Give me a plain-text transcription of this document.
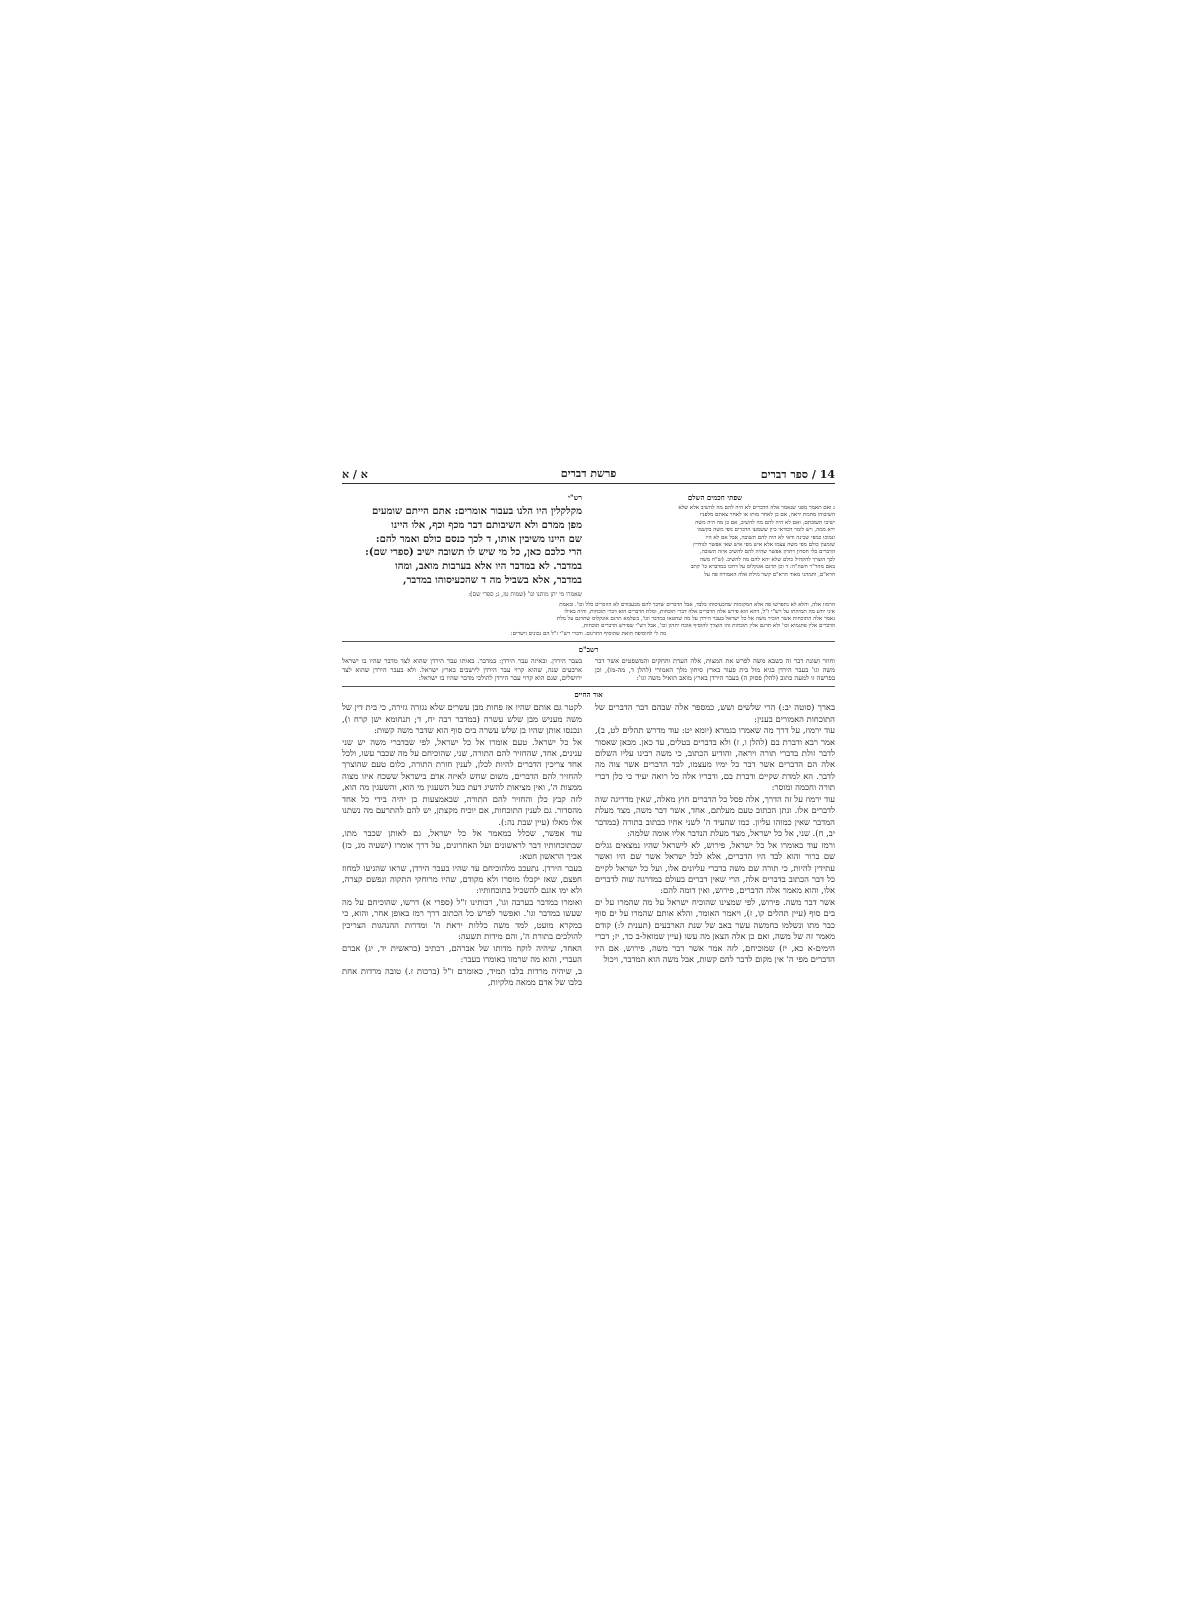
14 / ספר דברים
פרשת דברים
א / א
שפתי חכמים השלם

ג ואם תאמר מפני שנאמר אלה הדברים לא היה להם מה להשיב אלא שלא

השיבוהו מחמת יראה, אם כן לאחר מותו או לאחר צאתם מלפניו

ישיבו תשובתם, ואם לא היה להם מה להשיב, אם כן מה היה משה

ירא ממה, ויש לומר דבודאי כיון ששמעו הדברים מפי משה בקשמו

ונמוכו כמפי שכינה ודאי לא היה להם תשובה, אבל אם לא היו

שומעין כולם מפי משה עצמו אלא איש מפי איש שאי אפשר לגודרין

הדברים בלי חסרון ויתרון אפשר שהיה להם להשיב איזה תשובה,

לכך הוצרך להקהיל כולם שלא יהא להם מה להשיב. (ש"ח משה

באם מהר"ר חשה"ה: ד וכן תרגם אונקלוס על דחכו במדברא כו' קתב

הרא"ם, ותמהני מאוד הרא"ם קשר מילת אלה האמורה פה על

רש"י

מקלקלין היו הלנו בעבור אומרים: אתם הייתם שומעים

מפן ממרם ולא השיבותם דבר מכף וכף, אלו היינו

שם היינו משיבין אותו, ד לכך כנסם כולם ואמר להם:

הרי כלכם כאן, כל מי שיש לו תשובה ישיב (ספרי שם):

במדבר. לא במדבר היו אלא בערבות מואב, ומהו

במדבר, אלא בשביל מה ד שהכעיסוהו במדבר,

שאמרו מי יתן מותנו וגו' (שמות טז, ג; ספרי שם):

הרמזו אלה, והלא לא נתפרשו פה אלא המקומות שהכעיסוהו בלבד, אבל הדברים שדבר להם מבעבודם לא הוזכרים כלל וכו'. ובאמת

איני יודע מה תמיהתו על רש"י ז"ל, דהא הוא פירש אלה הדברים אלה דברי תוכחות, ומלת הדברים הוא דברי תוכחות, והיה באילו

נאמר אלה התוכחות אשר הזכיר משה אל כל ישראל בעבר הירדן על מה שחטאו במדבר וכו', בשלמא תרגם אונקלוס שתרגם על מלת

הדברים אלין פתגמיא וכו' ולא תרגם אלין תוכחות זהו הוצרך להוסיף אוכח יתהון וכו', אבל רש"י שפירש הדברים תוכחות,

מה לי להוסיפה הואת שהוסיף התרגום. ודברי רש"י ז"ל הם נכונים וישרים:

רשב"ם

וחוזר ושונה דבר זה כשבא משה לפרש את המצות, אלה העדת והחקים והמשפטים אשר דבר משה וגו' בעבר הירדן בגיא מול בית פעור בארץ סיחון מלך האמורי (להלן ד, מה-מו), וכן בפרשה זו למעה כתוב (להלן פסוק ה) בעבר הירדן בארץ מואב הואיל משה וגו':

בעבר הירדן. ובאיזה עבר הירדן: במדבר. באותו עבר הירדן שהוא לצד מדבר שהיו בו ישראל ארבעים שנה, שהוא קרוי עבר הירדן ליושבים בארץ ישראל. ולא בעבר הירדן שהוא לצד ירושלים, שגם הוא קרוי עבר הירדן להולכי מדבר שהיו בו ישראל:

אור החיים

בארך (סוטה יב:) הרי שלשים ושש, כמספר אלה שבהם דבר הדברים של התוכחות האמורים בענין:

עוד ירמוז, על דרך מה שאמרו בגמרא (יומא יט: עוד מדרש תהלים לט, ב), אמר רבא ודברת בם (להלן ו, ז) ולא בדברים בטלים, עד כאן. מכאן שאסור לדבר זולת בדברי תורה ויראה, והודיע הכתוב, כי משה רבינו עליו השלום אלה הם הדברים אשר דבר כל ימיו מעצמו, לבד הדברים אשר צוה מה לדבר. הא למדת שקיים ודברת בם, ודבריו אלה כל רואה יעיד כי כלן דברי תורה וחכמה ומוסר:

עוד ירמוז על זה הדרך, אלה פסל כל הדברים חוץ מאלה, שאין מדריגה שוה לדברים אלו. ונתן הכתוב טעם מעלתם, אחד, אשר דבר משה, מצד מעלת המדבר שאין כמוהו עליון. כמו שהעיד ה' לשני אחיו כבתוב בתורה (במדבר יב, ח). שני, אל כל ישראל, מצד מעלת הנדבר אליו אומה שלמה:

ורמז עוד באומרו אל כל ישראל, פירוש, לא לישראל שהיו נמצאים גגלים שם ברור והוא לבד היו הדברים, אלא לכל ישראל אשר שם היו ואשר עתידין להיות, כי תורה שם משה בדברי עליונים אלו, ועל כל ישראל לקיים כל דבר הכתוב בדברים אלה, הרי שאין דברים בעולם במדרגה שוה לדברים אלו, והוא מאמר אלה הדברים, פירוש, ואין דומה להם:

אשר דבר משה. פירוש, לפי שמצינו שהוכיח ישראל על מה שהמרו על ים בים סוף (עיין תהלים קו, ז), ויאמר האומר, והלא אותם שהמרו על ים סוף כבר מתו ונשלמו בחמשה עשר באב של שנת הארבעים (תענית ל:) קודם מאמר זה של משה, ואם כן אלה הצאן מה עשו (עיין שמואל-ב כד, יז; דברי הימים-א כא, יז) שמוכיחם, לזה אמר אשר דבר משה, פירוש, אם היו הדברים מפי ה' אין מקום לדבר להם קשות, אבל משה הוא המדבר, ויכול

לקטר גם אותם שהיו אז פחות מבן עשרים שלא נגזרה גזירה, כי בית דין של משה מעניש מבן שלש עשרה (במדבר רבה יח, ד; תנחומא ישן קרח ו), ונכנסו אותן שהיו בן שלש עשרה בים סוף הוא שדבר משה קשות:

אל כל ישראל. טעם אומרו אל כל ישראל, לפי שבדברי משה יש שני ענינים, אחד, שהחזיר להם התורה, שני, שהוכיחם על מה שכבר עשו, ולכל אחד צריכין הדברים להיות לכלן, לענין חזרת התורה, כלום טעם שהוצרך להחזיר להם הדברים, משום שחש לאיזה אדם בישראל ששכח איזו מצוה ממצות ה', ואין מציאות להשיג דעת בעל השעגין מי הוא, והשעגין מה הוא, לזה קבץ כלן והחזיר להם התורה, שבאמצעות כן יהיה בידי כל אחד מהסדור. גם לענין התוכחות, אם יוכיח מקצתן, יש להם להתרעם מה נשתנו אלו מאלו (עיין שבת נה:).

עוד אפשר, שכלל במאמר אל כל ישראל, גם לאותן שכבר מתו, שבתוכחותיו דבר לראשונים ועל האחרונים, על דרך אומרו (ישעיה מג, כז) אביך הראשון חטא:

בעבר הירדן. נתעכב מלהוכיחם עד שהיו בעבר הירדן, שראו שהגיעו למחוז חפצם, שאז יקבלו מוסרו ולא מקודם, שהיו מרוחקי התקוה ונפשם קצרה, ולא ימו אזנם להשכיל בתוכחותיו:

ואומרו במדבר בערבה וגו', רבותינו ז"ל (ספרי א) דרשו, שהוכיחם על מה שעשו במדבר וגו'. ואפשר לפרש כל הכתוב דרך רמז באופן אחר, והוא, כי במקרא מועט, למד משה כללות יראת ה' ומדרות ההנהגות הצריכין להולכים בתורת ה', והם מידות תשעה:

האחד, שיהיה לוקח מדותו של אברהם, דכתיב (בראשית יד, יג) אברם העברי, והוא מה שרמזו באומרו בעבר:

ב, שיהיה מרדות בלבו תמיד, כאומרם ז"ל (ברכות ז.) טובה מרדות אחת בלבו של אדם ממאה מלקיות,
